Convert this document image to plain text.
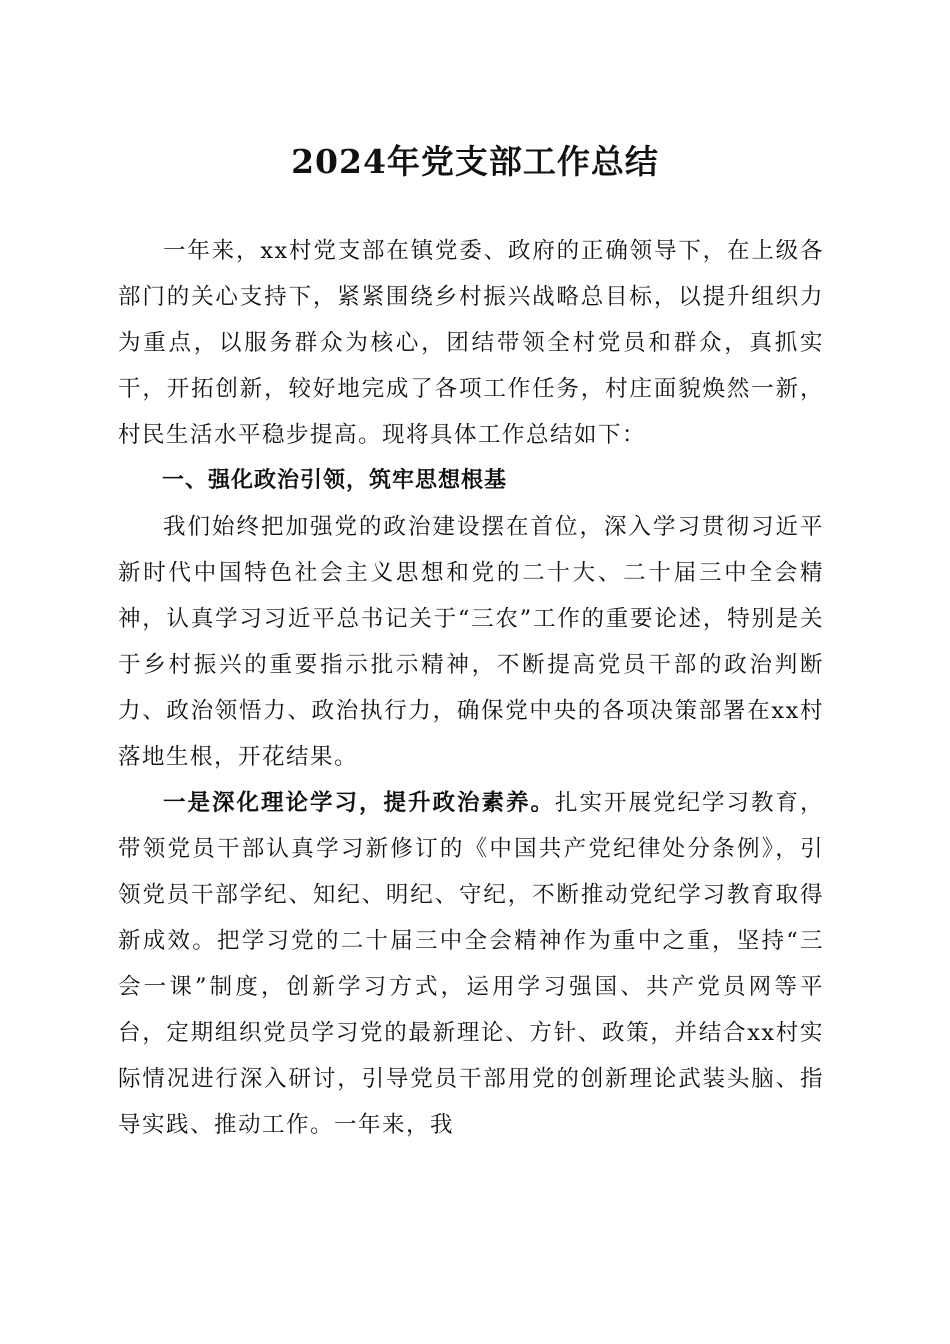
2024年党支部工作总结

一年来，xx村党支部在镇党委、政府的正确领导下，在上级各部门的关心支持下，紧紧围绕乡村振兴战略总目标，以提升组织力为重点，以服务群众为核心，团结带领全村党员和群众，真抓实干，开拓创新，较好地完成了各项工作任务，村庄面貌焕然一新，村民生活水平稳步提高。现将具体工作总结如下：

一、强化政治引领，筑牢思想根基

我们始终把加强党的政治建设摆在首位，深入学习贯彻习近平新时代中国特色社会主义思想和党的二十大、二十届三中全会精神，认真学习习近平总书记关于“三农”工作的重要论述，特别是关于乡村振兴的重要指示批示精神，不断提高党员干部的政治判断力、政治领悟力、政治执行力，确保党中央的各项决策部署在xx村落地生根，开花结果。

一是深化理论学习，提升政治素养。扎实开展党纪学习教育，带领党员干部认真学习新修订的《中国共产党纪律处分条例》，引领党员干部学纪、知纪、明纪、守纪，不断推动党纪学习教育取得新成效。把学习党的二十届三中全会精神作为重中之重，坚持“三会一课”制度，创新学习方式，运用学习强国、共产党员网等平台，定期组织党员学习党的最新理论、方针、政策，并结合xx村实际情况进行深入研讨，引导党员干部用党的创新理论武装头脑、指导实践、推动工作。一年来，我
